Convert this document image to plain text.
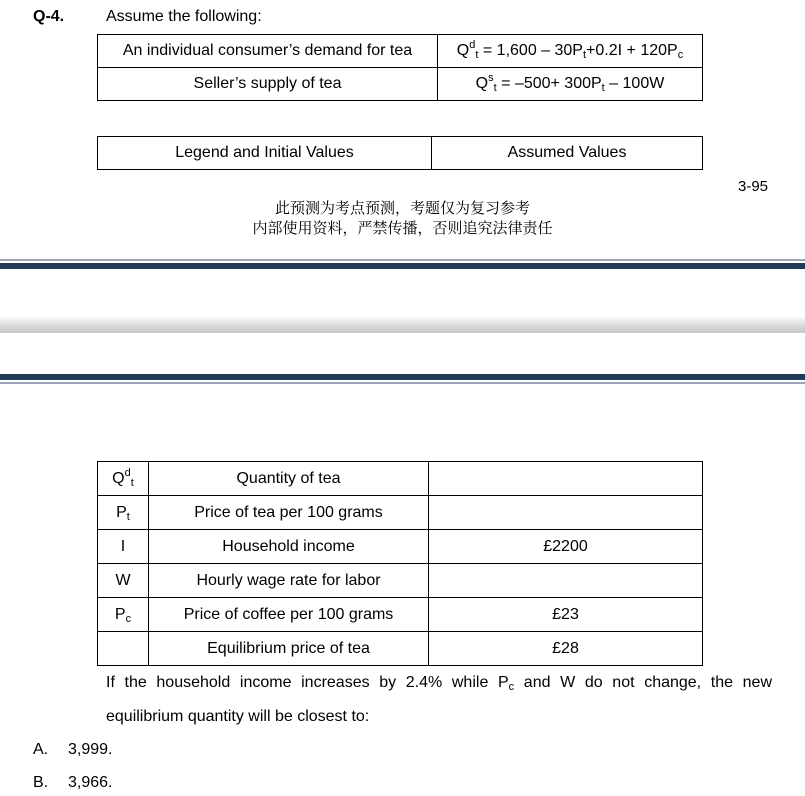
Q-4.	Assume the following:
An individual consumer’s demand for tea	$Q^d_t = 1,600 - 30P_t+0.2I + 120P_c$
Seller’s supply of tea	$Q^s_t = -500+ 300P_t - 100W$
Legend and Initial Values	Assumed Values
3-95
此预测为考点预测，考题仅为复习参考
内部使用资料，严禁传播，否则追究法律责任
$Q^d_t$	Quantity of tea	
$P_t$	Price of tea per 100 grams	
I	Household income	£2200
W	Hourly wage rate for labor	
$P_c$	Price of coffee per 100 grams	£23
	Equilibrium price of tea	£28
If the household income increases by 2.4% while $P_c$ and W do not change, the new
equilibrium quantity will be closest to:
A. 3,999.
B. 3,966.
